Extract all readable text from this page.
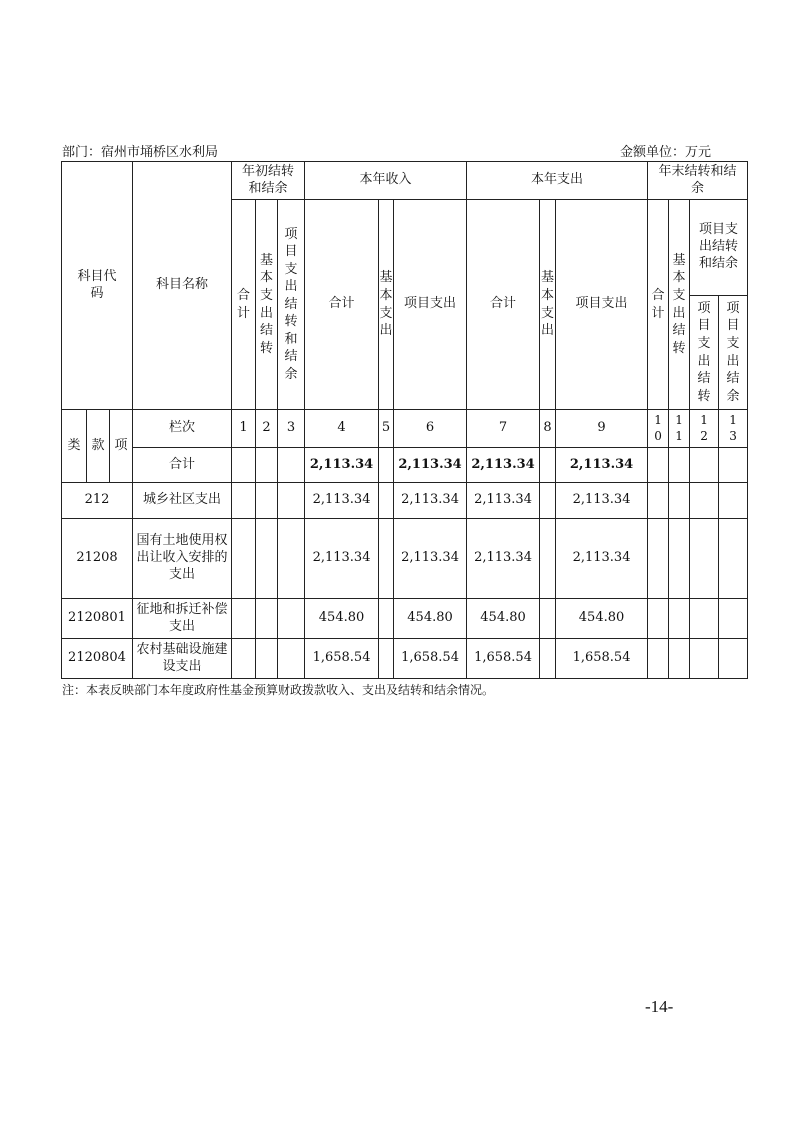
部门：宿州市埇桥区水利局	金额单位：万元
科目代码			科目名称	年初结转和结余			本年收入			本年支出			年末结转和结余			

				合计	基本支出结转	项目支出结转和结余	合计	基本支出	项目支出	合计	基本支出	项目支出	合计	基本支出结转	项目支出结转和结余	

															项目支出结转	项目支出结余

类	款	项	栏次	1	2	3	4	5	6	7	8	9	10	11	12	13

			合计				2,113.34		2,113.34	2,113.34		2,113.34				
212			城乡社区支出				2,113.34		2,113.34	2,113.34		2,113.34				
21208			国有土地使用权出让收入安排的支出				2,113.34		2,113.34	2,113.34		2,113.34				
2120801			征地和拆迁补偿支出				454.80		454.80	454.80		454.80				
2120804			农村基础设施建设支出				1,658.54		1,658.54	1,658.54		1,658.54				
注：本表反映部门本年度政府性基金预算财政拨款收入、支出及结转和结余情况。
-14-
